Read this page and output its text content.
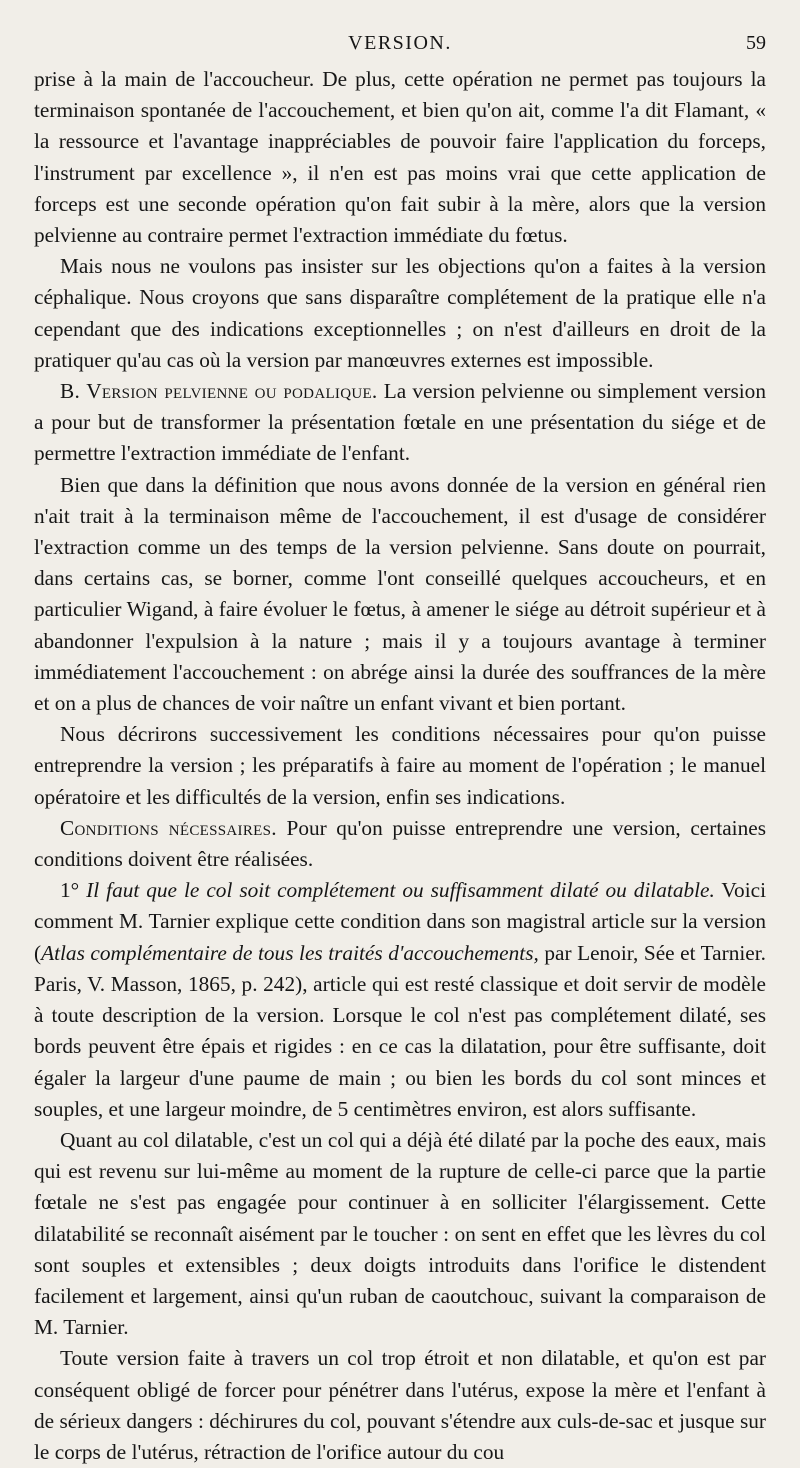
VERSION.	59

prise à la main de l'accoucheur. De plus, cette opération ne permet pas toujours la terminaison spontanée de l'accouchement, et bien qu'on ait, comme l'a dit Flamant, « la ressource et l'avantage inappréciables de pouvoir faire l'application du forceps, l'instrument par excellence », il n'en est pas moins vrai que cette application de forceps est une seconde opération qu'on fait subir à la mère, alors que la version pelvienne au contraire permet l'extraction immédiate du fœtus.

Mais nous ne voulons pas insister sur les objections qu'on a faites à la version céphalique. Nous croyons que sans disparaître complétement de la pratique elle n'a cependant que des indications exceptionnelles ; on n'est d'ailleurs en droit de la pratiquer qu'au cas où la version par manœuvres externes est impossible.

B. Version pelvienne ou podalique. La version pelvienne ou simplement version a pour but de transformer la présentation fœtale en une présentation du siége et de permettre l'extraction immédiate de l'enfant.

Bien que dans la définition que nous avons donnée de la version en général rien n'ait trait à la terminaison même de l'accouchement, il est d'usage de considérer l'extraction comme un des temps de la version pelvienne. Sans doute on pourrait, dans certains cas, se borner, comme l'ont conseillé quelques accoucheurs, et en particulier Wigand, à faire évoluer le fœtus, à amener le siége au détroit supérieur et à abandonner l'expulsion à la nature ; mais il y a toujours avantage à terminer immédiatement l'accouchement : on abrége ainsi la durée des souffrances de la mère et on a plus de chances de voir naître un enfant vivant et bien portant.

Nous décrirons successivement les conditions nécessaires pour qu'on puisse entreprendre la version ; les préparatifs à faire au moment de l'opération ; le manuel opératoire et les difficultés de la version, enfin ses indications.

Conditions nécessaires. Pour qu'on puisse entreprendre une version, certaines conditions doivent être réalisées.

1° Il faut que le col soit complétement ou suffisamment dilaté ou dilatable. Voici comment M. Tarnier explique cette condition dans son magistral article sur la version (Atlas complémentaire de tous les traités d'accouchements, par Lenoir, Sée et Tarnier. Paris, V. Masson, 1865, p. 242), article qui est resté classique et doit servir de modèle à toute description de la version. Lorsque le col n'est pas complétement dilaté, ses bords peuvent être épais et rigides : en ce cas la dilatation, pour être suffisante, doit égaler la largeur d'une paume de main ; ou bien les bords du col sont minces et souples, et une largeur moindre, de 5 centimètres environ, est alors suffisante.

Quant au col dilatable, c'est un col qui a déjà été dilaté par la poche des eaux, mais qui est revenu sur lui-même au moment de la rupture de celle-ci parce que la partie fœtale ne s'est pas engagée pour continuer à en solliciter l'élargissement. Cette dilatabilité se reconnaît aisément par le toucher : on sent en effet que les lèvres du col sont souples et extensibles ; deux doigts introduits dans l'orifice le distendent facilement et largement, ainsi qu'un ruban de caoutchouc, suivant la comparaison de M. Tarnier.

Toute version faite à travers un col trop étroit et non dilatable, et qu'on est par conséquent obligé de forcer pour pénétrer dans l'utérus, expose la mère et l'enfant à de sérieux dangers : déchirures du col, pouvant s'étendre aux culs-de-sac et jusque sur le corps de l'utérus, rétraction de l'orifice autour du cou
